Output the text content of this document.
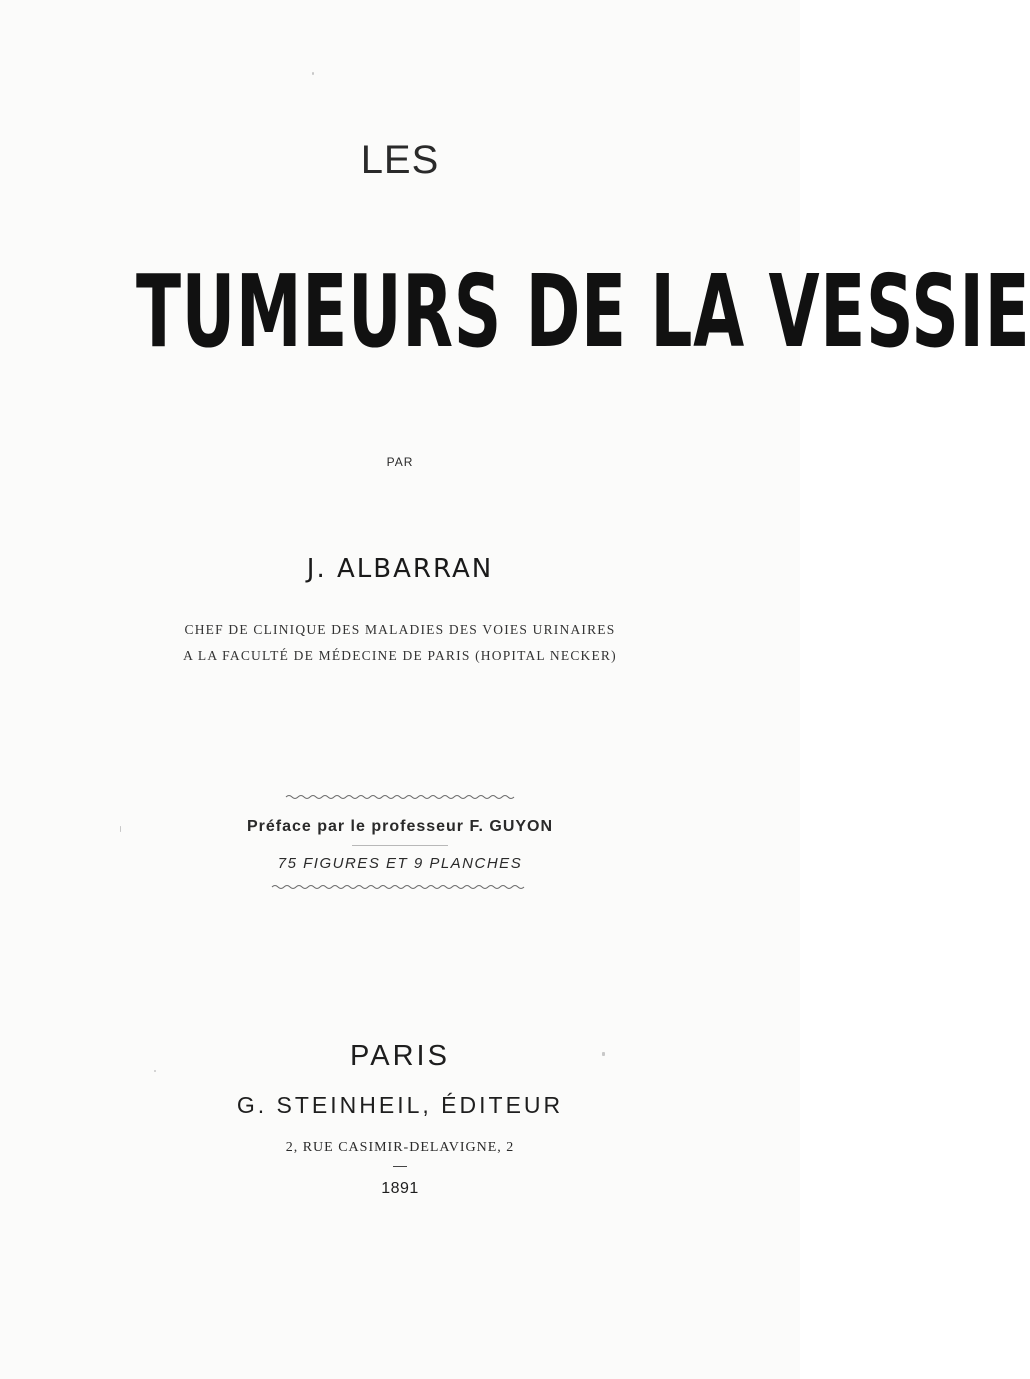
LES
TUMEURS DE LA VESSIE
PAR
J. ALBARRAN
CHEF DE CLINIQUE DES MALADIES DES VOIES URINAIRES
A LA FACULTÉ DE MÉDECINE DE PARIS (HOPITAL NECKER)
Préface par le professeur F. GUYON
75 FIGURES ET 9 PLANCHES
PARIS
G. STEINHEIL, ÉDITEUR
2, RUE CASIMIR-DELAVIGNE, 2
1891
